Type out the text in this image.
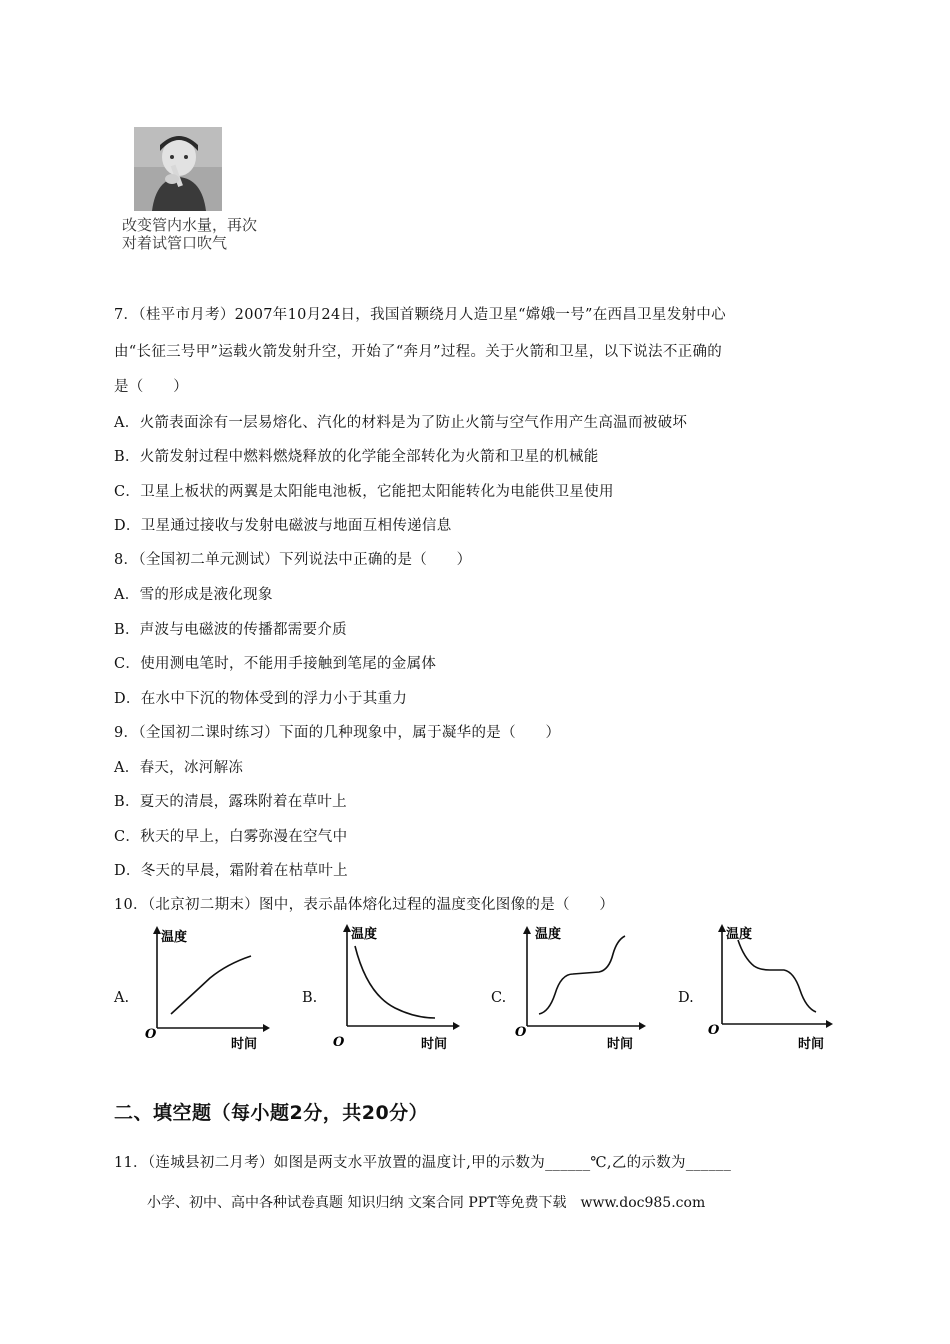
改变管内水量，再次对着试管口吹气
7．（桂平市月考）2007年10月24日，我国首颗绕月人造卫星“嫦娥一号”在西昌卫星发射中心
由“长征三号甲”运载火箭发射升空，开始了“奔月”过程。关于火箭和卫星，以下说法不正确的
是（　　）
A．火箭表面涂有一层易熔化、汽化的材料是为了防止火箭与空气作用产生高温而被破坏
B．火箭发射过程中燃料燃烧释放的化学能全部转化为火箭和卫星的机械能
C．卫星上板状的两翼是太阳能电池板，它能把太阳能转化为电能供卫星使用
D．卫星通过接收与发射电磁波与地面互相传递信息
8．（全国初二单元测试）下列说法中正确的是（　　）
A．雪的形成是液化现象
B．声波与电磁波的传播都需要介质
C．使用测电笔时，不能用手接触到笔尾的金属体
D．在水中下沉的物体受到的浮力小于其重力
9．（全国初二课时练习）下面的几种现象中，属于凝华的是（　　）
A．春天，冰河解冻
B．夏天的清晨，露珠附着在草叶上
C．秋天的早上，白雾弥漫在空气中
D．冬天的早晨，霜附着在枯草叶上
10．（北京初二期末）图中，表示晶体熔化过程的温度变化图像的是（　　）
A.
温度
O
时间
B.
温度
O	时间
C.
温度
O
时间
D.
温度
O
时间
二、填空题（每小题2分，共20分）
11．（连城县初二月考）如图是两支水平放置的温度计,甲的示数为______℃,乙的示数为______
小学、初中、高中各种试卷真题 知识归纳 文案合同 PPT等免费下载　www.doc985.com
